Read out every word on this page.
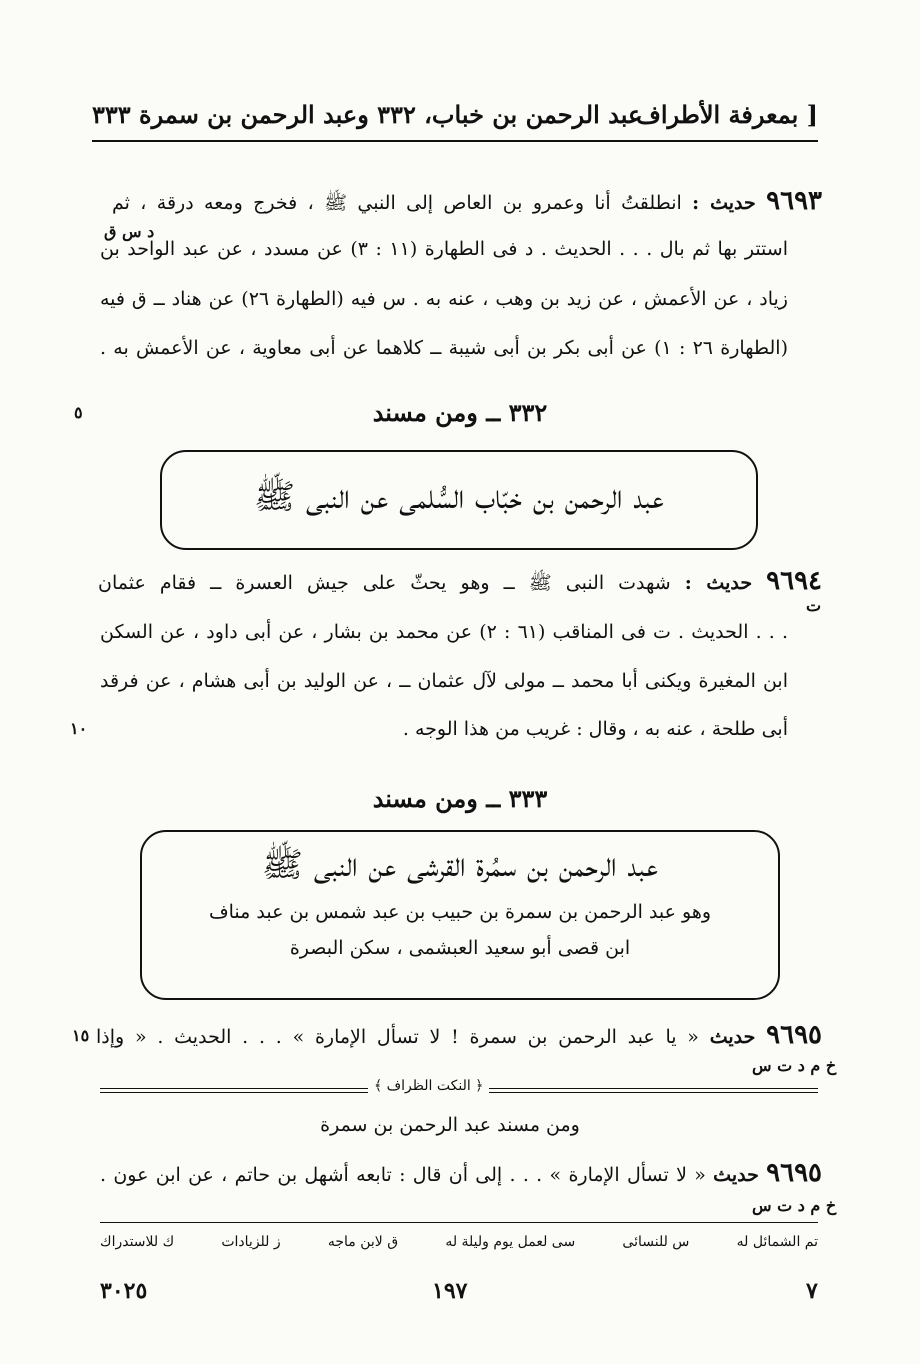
بمعرفة الأطراف ]
عبد الرحمن بن خباب، ٣٣٢ وعبد الرحمن بن سمرة ٣٣٣
٩٦٩٣ حديث : انطلقتُ أنا وعمرو بن العاص إلى النبي ﷺ ، فخرج ومعه درقة ، ثم
د س ق
استتر بها ثم بال . . . الحديث . د فى الطهارة (١١ : ٣) عن مسدد ، عن عبد الواحد بن
زياد ، عن الأعمش ، عن زيد بن وهب ، عنه به . س فيه (الطهارة ٢٦) عن هناد ــ ق فيه
(الطهارة ٢٦ : ١) عن أبى بكر بن أبى شيبة ــ كلاهما عن أبى معاوية ، عن الأعمش به .
٥	٣٣٢ ــ ومن مسند
عبد الرحمن بن خبّاب السُّلمى عن النبى ﷺ
٩٦٩٤ حديث : شهدت النبى ﷺ ــ وهو يحثّ على جيش العسرة ــ فقام عثمان
ت
. . . الحديث . ت فى المناقب (٦١ : ٢) عن محمد بن بشار ، عن أبى داود ، عن السكن
ابن المغيرة ويكنى أبا محمد ــ مولى لآل عثمان ــ ، عن الوليد بن أبى هشام ، عن فرقد
أبى طلحة ، عنه به ، وقال : غريب من هذا الوجه .
١٠
٣٣٣ ــ ومن مسند
عبد الرحمن بن سمُرة القرشى عن النبى ﷺ
وهو عبد الرحمن بن سمرة بن حبيب بن عبد شمس بن عبد مناف
ابن قصى أبو سعيد العبشمى ، سكن البصرة
٩٦٩٥ حديث « يا عبد الرحمن بن سمرة ! لا تسأل الإمارة » . . . الحديث . « وإذا
١٥
خ م د ت س
﴿ النكت الظراف ﴾
ومن مسند عبد الرحمن بن سمرة
٩٦٩٥ حديث « لا تسأل الإمارة » . . . إلى أن قال : تابعه أشهل بن حاتم ، عن ابن عون .
خ م د ت س
تم الشمائل له
س للنسائى
سى لعمل يوم وليلة له
ق لابن ماجه
ز للزيادات
ك للاستدراك
٧
١٩٧
٣٠٢٥
